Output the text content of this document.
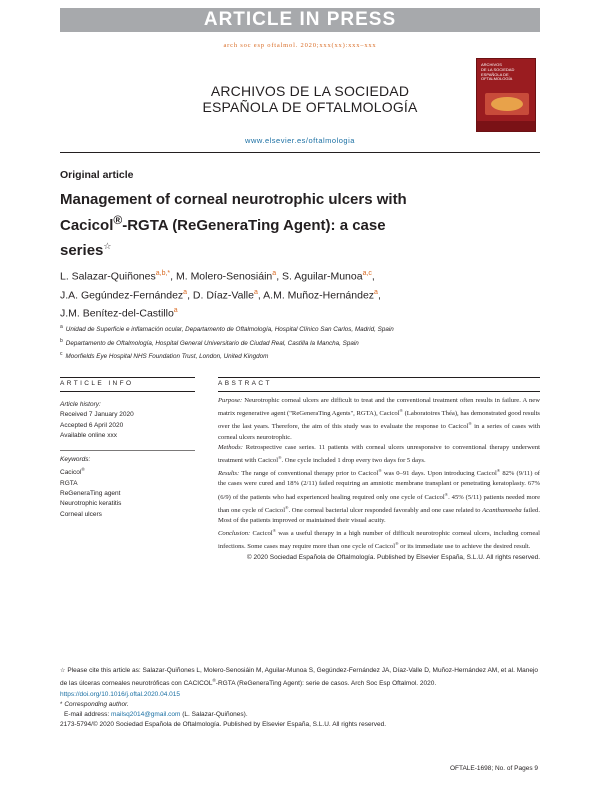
ARTICLE IN PRESS
arch soc esp oftalmol. 2020;xxx(xx):xxx–xxx
ARCHIVOS DE LA SOCIEDAD
ESPAÑOLA DE OFTALMOLOGÍA
ARCHIVOS
DE LA SOCIEDAD
ESPAÑOLA DE
OFTALMOLOGÍA
www.elsevier.es/oftalmologia
Original article
Management of corneal neurotrophic ulcers with
Cacicol®-RGTA (ReGeneraTing Agent): a case
series☆
L. Salazar-Quiñones$^{a,b,*}$, M. Molero-Senosiáin$^a$, S. Aguilar-Munoa$^{a,c}$,
J.A. Gegúndez-Fernández$^a$, D. Díaz-Valle$^a$, A.M. Muñoz-Hernández$^a$,
J.M. Benítez-del-Castillo$^a$
$^a$ Unidad de Superficie e inflamación ocular, Departamento de Oftalmología, Hospital Clínico San Carlos, Madrid, Spain
$^b$ Departamento de Oftalmología, Hospital General Universitario de Ciudad Real, Castilla la Mancha, Spain
$^c$ Moorfields Eye Hospital NHS Foundation Trust, London, United Kingdom
ARTICLE INFO	ABSTRACT
Article history:
Received 7 January 2020
Accepted 6 April 2020
Available online xxx
Keywords:
Cacicol®
RGTA
ReGeneraTing agent
Neurotrophic keratitis
Corneal ulcers

Purpose: Neurotrophic corneal ulcers are difficult to treat and the conventional treatment often results in failure. A new matrix regenerative agent ("ReGeneraTing Agents", RGTA), Cacicol® (Laboratoires Théa), has demonstrated good results over the last years. Therefore, the aim of this study was to evaluate the response to Cacicol® in a series of cases with corneal ulcers neurotrophic.

Methods: Retrospective case series. 11 patients with corneal ulcers unresponsive to conventional therapy underwent treatment with Cacicol®. One cycle included 1 drop every two days for 5 days.

Results: The range of conventional therapy prior to Cacicol® was 0–91 days. Upon introducing Cacicol® 82% (9/11) of the cases were cured and 18% (2/11) failed requiring an amniotic membrane transplant or penetrating keratoplasty. 67% (6/9) of the patients who had experienced healing required only one cycle of Cacicol®. 45% (5/11) patients needed more than one cycle of Cacicol®. One corneal bacterial ulcer responded favorably and one case related to Acanthamoeba failed. Most of the patients improved or maintained their visual acuity.

Conclusion: Cacicol® was a useful therapy in a high number of difficult neurotrophic corneal ulcers, including corneal infections. Some cases may require more than one cycle of Cacicol® or its immediate use to achieve the desired result.

© 2020 Sociedad Española de Oftalmología. Published by Elsevier España, S.L.U. All rights reserved.

☆ Please cite this article as: Salazar-Quiñones L, Molero-Senosiáin M, Aguilar-Munoa S, Gegúndez-Fernández JA, Díaz-Valle D, Muñoz-Hernández AM, et al. Manejo de las úlceras corneales neurotróficas con CACICOL®-RGTA (ReGeneraTing Agent): serie de casos. Arch Soc Esp Oftalmol. 2020. https://doi.org/10.1016/j.oftal.2020.04.015
* Corresponding author.
E-mail address: mailsq2014@gmail.com (L. Salazar-Quiñones).
2173-5794/© 2020 Sociedad Española de Oftalmología. Published by Elsevier España, S.L.U. All rights reserved.
OFTALE-1698; No. of Pages 9
